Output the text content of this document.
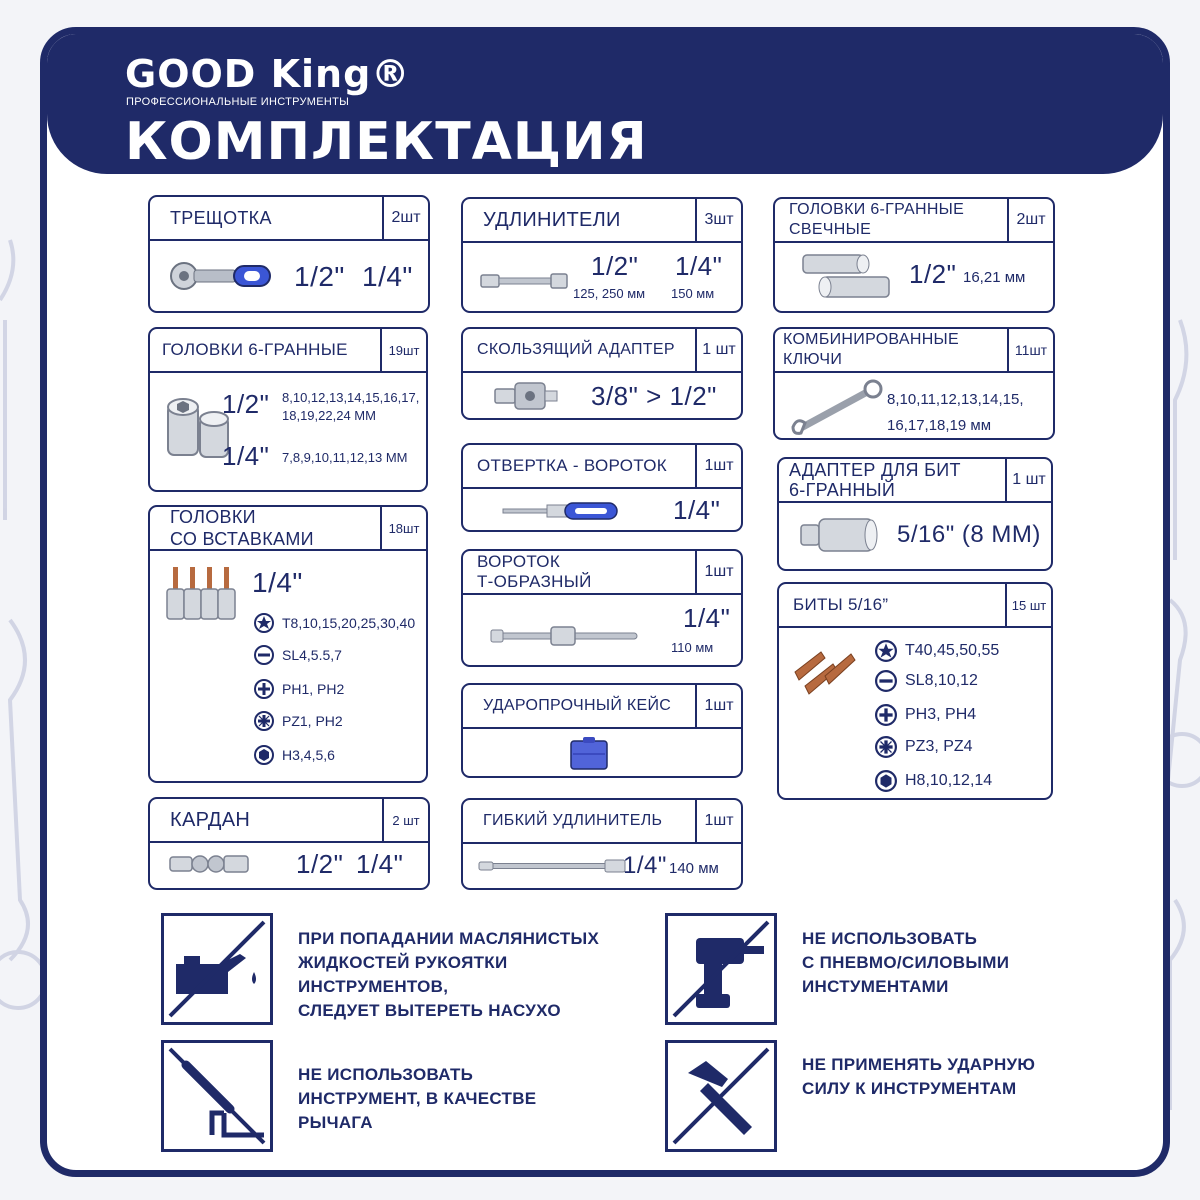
GOOD King®
ПРОФЕССИОНАЛЬНЫЕ ИНСТРУМЕНТЫ
КОМПЛЕКТАЦИЯ
ТРЕЩОТКА	2шт
1/2" 1/4"
ГОЛОВКИ 6-ГРАННЫЕ	19шт
1/2" 8,10,12,13,14,15,16,17,
18,19,22,24 ММ
1/4" 7,8,9,10,11,12,13 ММ
ГОЛОВКИ
СО ВСТАВКАМИ
18шт
1/4"
T8,10,15,20,25,30,40
SL4,5.5,7
PH1, PH2
PZ1, PH2
H3,4,5,6
КАРДАН	2 шт
1/2" 1/4"
УДЛИНИТЕЛИ	3шт
1/2"
125, 250 мм
1/4"
150 мм
СКОЛЬЗЯЩИЙ АДАПТЕР	1 шт
3/8" > 1/2"
ОТВЕРТКА - ВОРОТОК	1шт
1/4"
ВОРОТОК
Т-ОБРАЗНЫЙ
1шт
1/4"
110 мм
УДАРОПРОЧНЫЙ КЕЙС	1шт
ГИБКИЙ УДЛИНИТЕЛЬ	1шт
1/4" 140 мм
ГОЛОВКИ 6-ГРАННЫЕ
СВЕЧНЫЕ
2шт
1/2" 16,21 мм
КОМБИНИРОВАННЫЕ
КЛЮЧИ
11шт
8,10,11,12,13,14,15,
16,17,18,19 мм
АДАПТЕР ДЛЯ БИТ
6-ГРАННЫЙ
1 шт
5/16" (8 ММ)
БИТЫ 5/16”	15 шт
T40,45,50,55
SL8,10,12
PH3, PH4
PZ3, PZ4
H8,10,12,14
ПРИ ПОПАДАНИИ МАСЛЯНИСТЫХ
ЖИДКОСТЕЙ РУКОЯТКИ
ИНСТРУМЕНТОВ,
СЛЕДУЕТ ВЫТЕРЕТЬ НАСУХО
НЕ ИСПОЛЬЗОВАТЬ
С ПНЕВМО/СИЛОВЫМИ
ИНСТУМЕНТАМИ
НЕ ИСПОЛЬЗОВАТЬ
ИНСТРУМЕНТ, В КАЧЕСТВЕ
РЫЧАГА
НЕ ПРИМЕНЯТЬ УДАРНУЮ
СИЛУ К ИНСТРУМЕНТАМ
